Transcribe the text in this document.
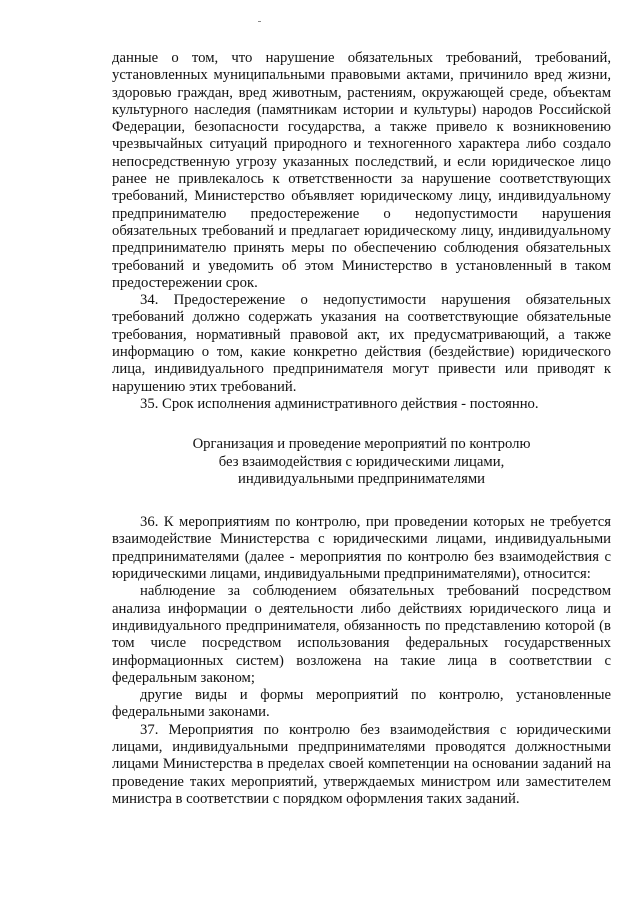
данные о том, что нарушение обязательных требований, требований, установленных муниципальными правовыми актами, причинило вред жизни, здоровью граждан, вред животным, растениям, окружающей среде, объектам культурного наследия (памятникам истории и культуры) народов Российской Федерации, безопасности государства, а также привело к возникновению чрезвычайных ситуаций природного и техногенного характера либо создало непосредственную угрозу указанных последствий, и если юридическое лицо ранее не привлекалось к ответственности за нарушение соответствующих требований, Министерство объявляет юридическому лицу, индивидуальному предпринимателю предостережение о недопустимости нарушения обязательных требований и предлагает юридическому лицу, индивидуальному предпринимателю принять меры по обеспечению соблюдения обязательных требований и уведомить об этом Министерство в установленный в таком предостережении срок.

34. Предостережение о недопустимости нарушения обязательных требований должно содержать указания на соответствующие обязательные требования, нормативный правовой акт, их предусматривающий, а также информацию о том, какие конкретно действия (бездействие) юридического лица, индивидуального предпринимателя могут привести или приводят к нарушению этих требований.

35. Срок исполнения административного действия - постоянно.

Организация и проведение мероприятий по контролю
без взаимодействия с юридическими лицами,
индивидуальными предпринимателями

36. К мероприятиям по контролю, при проведении которых не требуется взаимодействие Министерства с юридическими лицами, индивидуальными предпринимателями (далее - мероприятия по контролю без взаимодействия с юридическими лицами, индивидуальными предпринимателями), относится:

наблюдение за соблюдением обязательных требований посредством анализа информации о деятельности либо действиях юридического лица и индивидуального предпринимателя, обязанность по представлению которой (в том числе посредством использования федеральных государственных информационных систем) возложена на такие лица в соответствии с федеральным законом;

другие виды и формы мероприятий по контролю, установленные федеральными законами.

37. Мероприятия по контролю без взаимодействия с юридическими лицами, индивидуальными предпринимателями проводятся должностными лицами Министерства в пределах своей компетенции на основании заданий на проведение таких мероприятий, утверждаемых министром или заместителем министра в соответствии с порядком оформления таких заданий.
